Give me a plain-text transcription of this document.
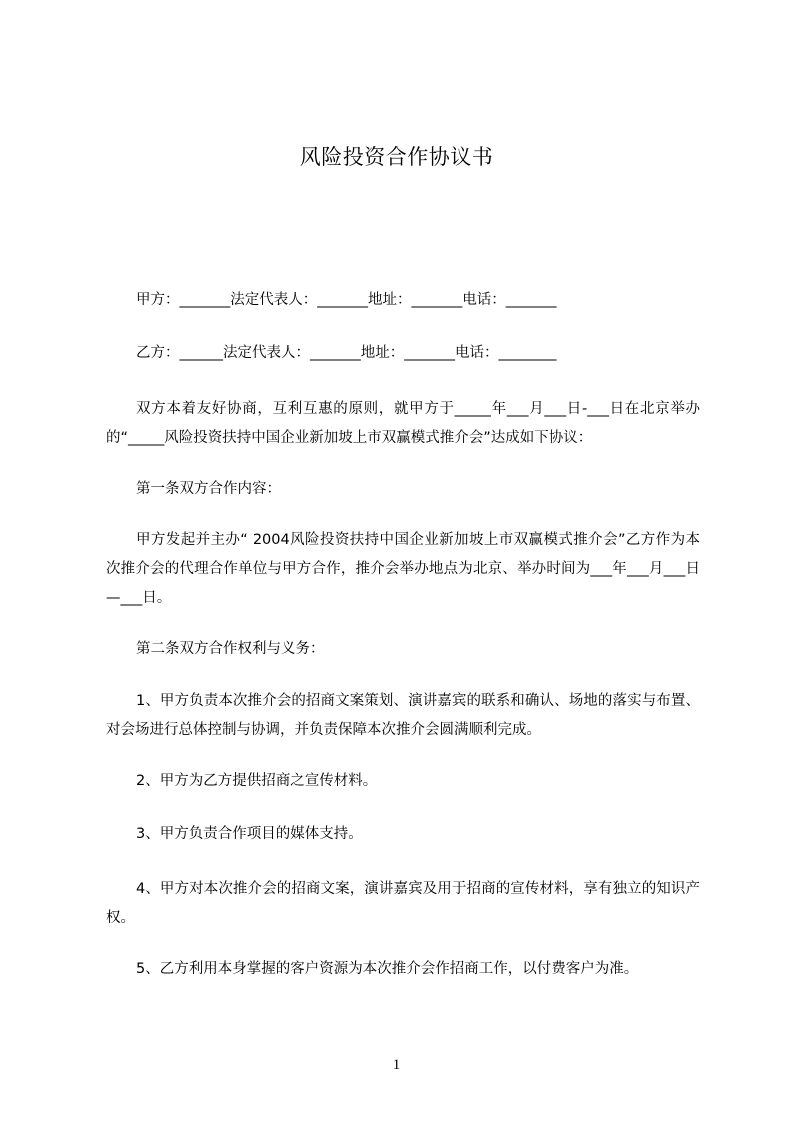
风险投资合作协议书
甲方：_______法定代表人：_______地址：_______电话：_______
乙方：______法定代表人：_______地址：_______电话：________
双方本着友好协商，互利互惠的原则，就甲方于_____年___月___日-___日在北京举办的“_____风险投资扶持中国企业新加坡上市双赢模式推介会”达成如下协议：
第一条双方合作内容：
甲方发起并主办“ 2004风险投资扶持中国企业新加坡上市双赢模式推介会”乙方作为本次推介会的代理合作单位与甲方合作，推介会举办地点为北京、举办时间为___年___月___日—___日。
第二条双方合作权利与义务：
1、甲方负责本次推介会的招商文案策划、演讲嘉宾的联系和确认、场地的落实与布置、对会场进行总体控制与协调，并负责保障本次推介会圆满顺利完成。
2、甲方为乙方提供招商之宣传材料。
3、甲方负责合作项目的媒体支持。
4、甲方对本次推介会的招商文案，演讲嘉宾及用于招商的宣传材料，享有独立的知识产权。
5、乙方利用本身掌握的客户资源为本次推介会作招商工作，以付费客户为准。
1
